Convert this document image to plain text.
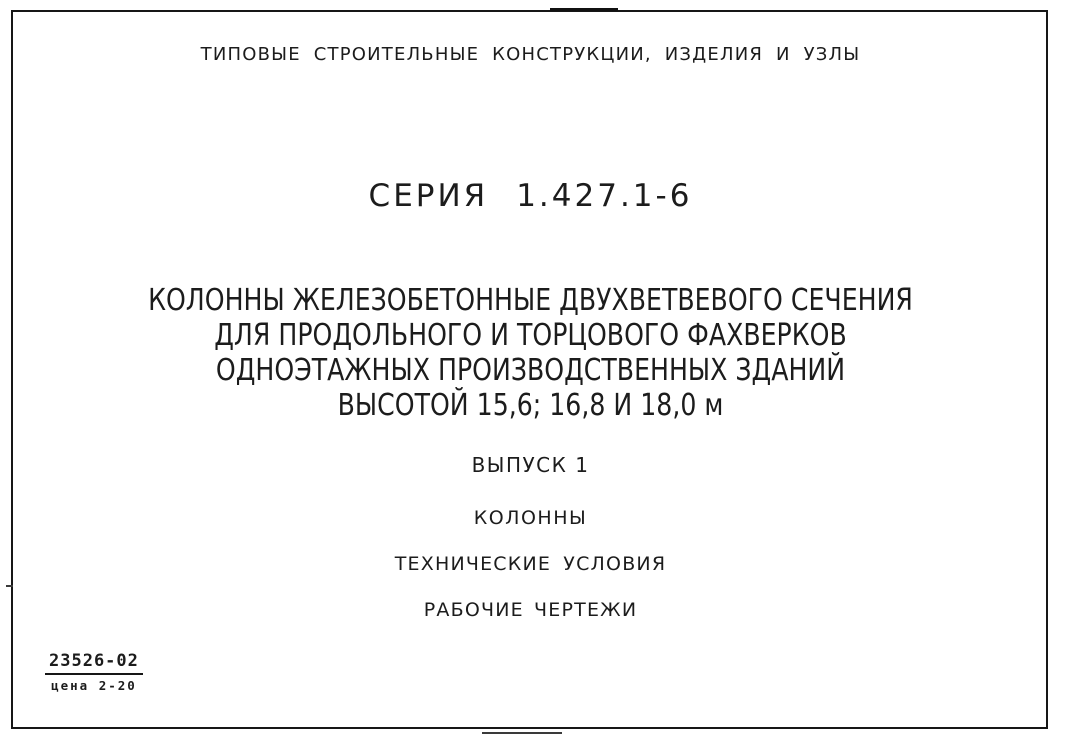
ТИПОВЫЕ СТРОИТЕЛЬНЫЕ КОНСТРУКЦИИ, ИЗДЕЛИЯ И УЗЛЫ
СЕРИЯ 1.427.1-6
КОЛОННЫ ЖЕЛЕЗОБЕТОННЫЕ ДВУХВЕТВЕВОГО СЕЧЕНИЯ
ДЛЯ ПРОДОЛЬНОГО И ТОРЦОВОГО ФАХВЕРКОВ
ОДНОЭТАЖНЫХ ПРОИЗВОДСТВЕННЫХ ЗДАНИЙ
ВЫСОТОЙ 15,6; 16,8 И 18,0 м
ВЫПУСК 1
КОЛОННЫ
ТЕХНИЧЕСКИЕ УСЛОВИЯ
РАБОЧИЕ ЧЕРТЕЖИ
23526-02
цена 2-20
